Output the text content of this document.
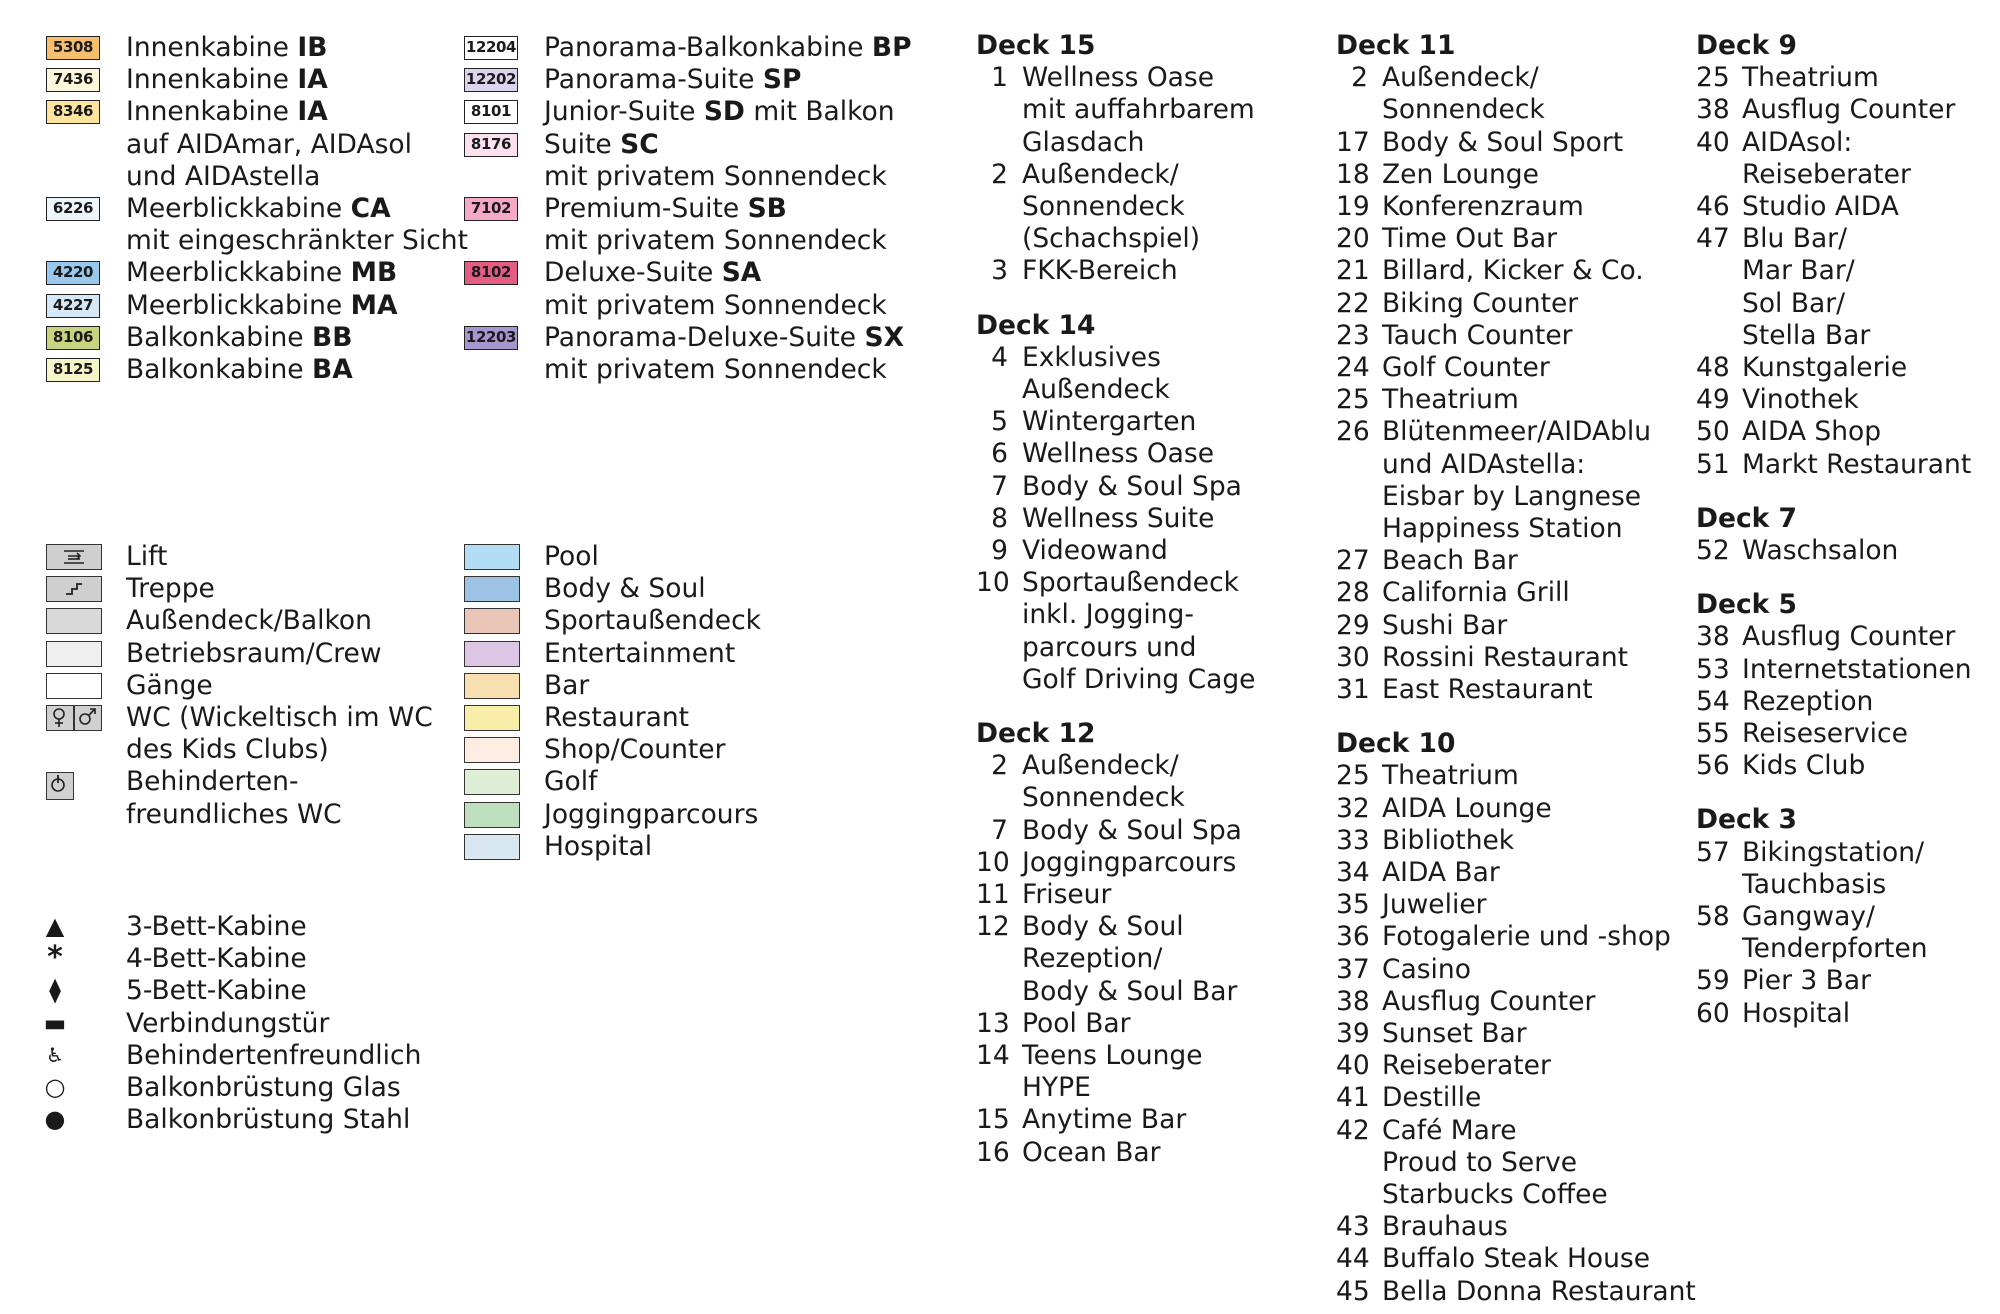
5308 Innenkabine IB
7436 Innenkabine IA
8346 Innenkabine IA
auf AIDAmar, AIDAsol
und AIDAstella
6226 Meerblickkabine CA
mit eingeschränkter Sicht
4220 Meerblickkabine MB
4227 Meerblickkabine MA
8106 Balkonkabine BB
8125 Balkonkabine BA
12204 Panorama-Balkonkabine BP
12202 Panorama-Suite SP
8101 Junior-Suite SD mit Balkon
8176 Suite SC
mit privatem Sonnendeck
7102 Premium-Suite SB
mit privatem Sonnendeck
8102 Deluxe-Suite SA
mit privatem Sonnendeck
12203 Panorama-Deluxe-Suite SX
mit privatem Sonnendeck
Lift
Treppe
Außendeck/Balkon
Betriebsraum/Crew
Gänge
WC (Wickeltisch im WC
des Kids Clubs)
Behinderten-
freundliches WC
Pool
Body & Soul
Sportaußendeck
Entertainment
Bar
Restaurant
Shop/Counter
Golf
Joggingparcours
Hospital
▲ 3-Bett-Kabine
* 4-Bett-Kabine
⧫ 5-Bett-Kabine
▬ Verbindungstür
♿ Behindertenfreundlich
○ Balkonbrüstung Glas
● Balkonbrüstung Stahl
Deck 15
1 Wellness Oase
mit auffahrbarem
Glasdach
2 Außendeck/
Sonnendeck
(Schachspiel)
3 FKK-Bereich
Deck 14
4 Exklusives
Außendeck
5 Wintergarten
6 Wellness Oase
7 Body & Soul Spa
8 Wellness Suite
9 Videowand
10 Sportaußendeck
inkl. Jogging-
parcours und
Golf Driving Cage
Deck 12
2 Außendeck/
Sonnendeck
7 Body & Soul Spa
10 Joggingparcours
11 Friseur
12 Body & Soul
Rezeption/
Body & Soul Bar
13 Pool Bar
14 Teens Lounge
HYPE
15 Anytime Bar
16 Ocean Bar
Deck 11
2 Außendeck/
Sonnendeck
17 Body & Soul Sport
18 Zen Lounge
19 Konferenzraum
20 Time Out Bar
21 Billard, Kicker & Co.
22 Biking Counter
23 Tauch Counter
24 Golf Counter
25 Theatrium
26 Blütenmeer/AIDAblu
und AIDAstella:
Eisbar by Langnese
Happiness Station
27 Beach Bar
28 California Grill
29 Sushi Bar
30 Rossini Restaurant
31 East Restaurant
Deck 10
25 Theatrium
32 AIDA Lounge
33 Bibliothek
34 AIDA Bar
35 Juwelier
36 Fotogalerie und -shop
37 Casino
38 Ausflug Counter
39 Sunset Bar
40 Reiseberater
41 Destille
42 Café Mare
Proud to Serve
Starbucks Coffee
43 Brauhaus
44 Buffalo Steak House
45 Bella Donna Restaurant
Deck 9
25 Theatrium
38 Ausflug Counter
40 AIDAsol:
Reiseberater
46 Studio AIDA
47 Blu Bar/
Mar Bar/
Sol Bar/
Stella Bar
48 Kunstgalerie
49 Vinothek
50 AIDA Shop
51 Markt Restaurant
Deck 7
52 Waschsalon
Deck 5
38 Ausflug Counter
53 Internetstationen
54 Rezeption
55 Reiseservice
56 Kids Club
Deck 3
57 Bikingstation/
Tauchbasis
58 Gangway/
Tenderpforten
59 Pier 3 Bar
60 Hospital
